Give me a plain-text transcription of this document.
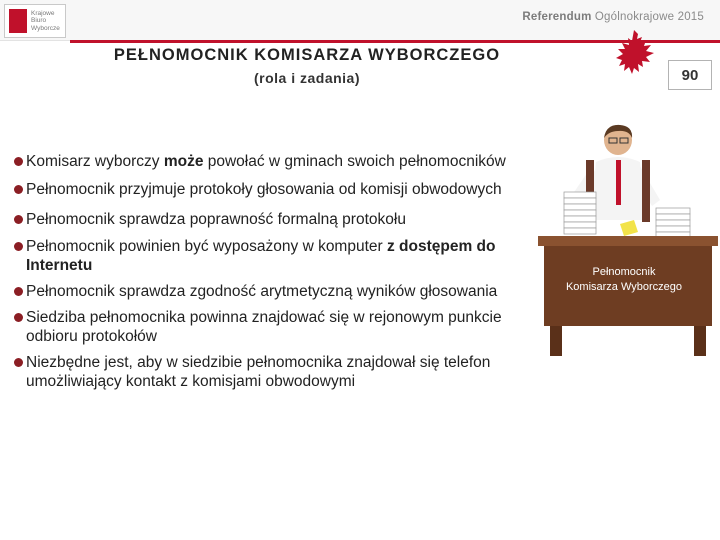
Krajowe
Biuro
Wyborcze
Referendum Ogólnokrajowe 2015
PEŁNOMOCNIK KOMISARZA WYBORCZEGO
(rola i zadania)	90
Komisarz wyborczy może powołać w gminach swoich pełnomocników
Pełnomocnik przyjmuje protokoły głosowania od komisji obwodowych
Pełnomocnik sprawdza poprawność formalną protokołu
Pełnomocnik powinien być wyposażony w komputer z dostępem do Internetu
Pełnomocnik sprawdza zgodność arytmetyczną wyników głosowania
Siedziba pełnomocnika powinna znajdować się w rejonowym punkcie odbioru protokołów
Niezbędne jest, aby w siedzibie pełnomocnika znajdował się telefon umożliwiający kontakt z komisjami obwodowymi
Pełnomocnik
Komisarza Wyborczego
